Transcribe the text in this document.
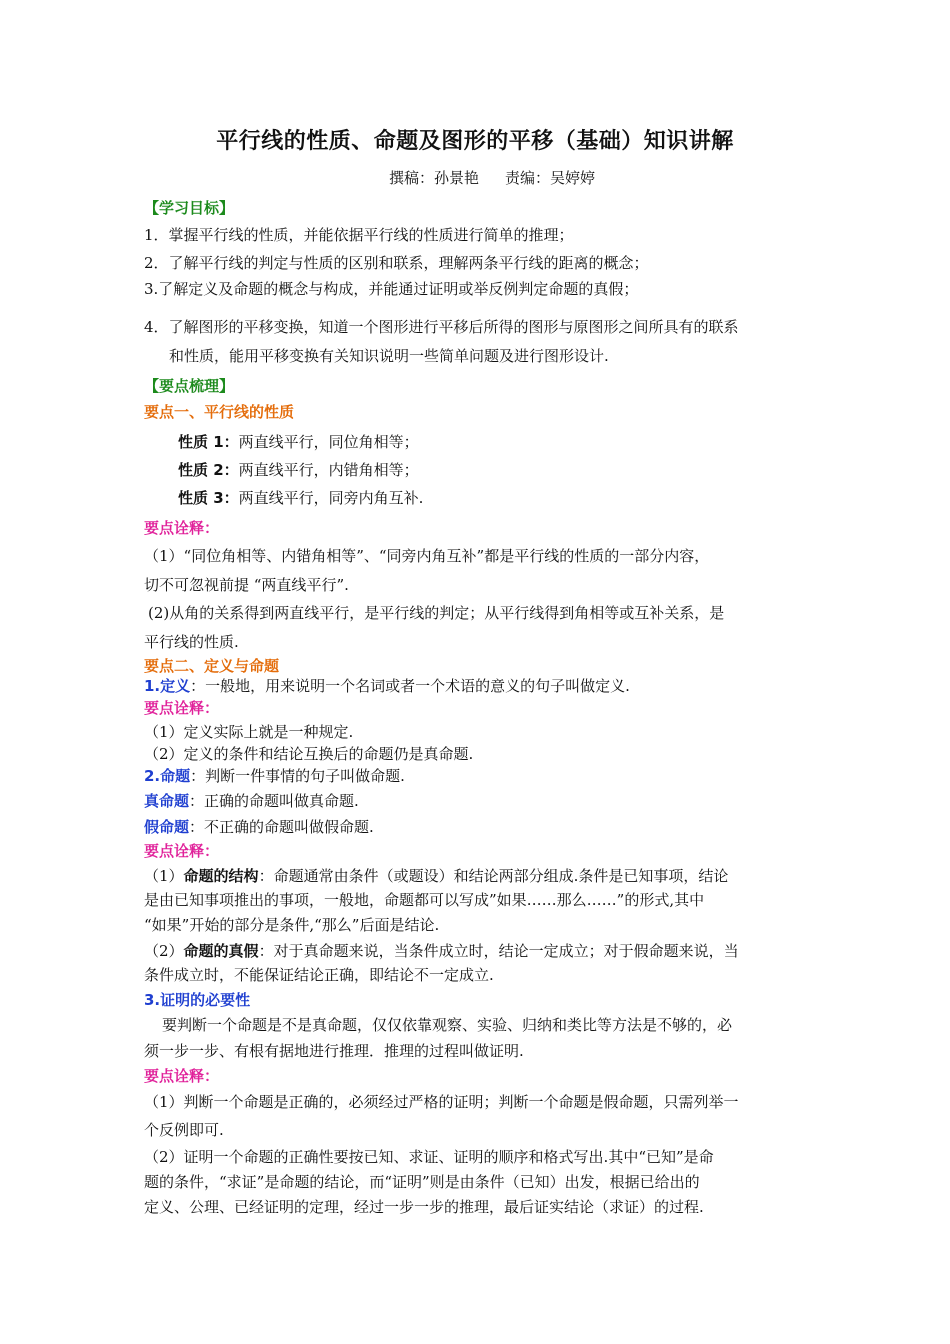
平行线的性质、命题及图形的平移（基础）知识讲解
撰稿：孙景艳 责编：吴婷婷
【学习目标】
1．掌握平行线的性质，并能依据平行线的性质进行简单的推理；
2．了解平行线的判定与性质的区别和联系，理解两条平行线的距离的概念；
3.了解定义及命题的概念与构成，并能通过证明或举反例判定命题的真假；
4．了解图形的平移变换，知道一个图形进行平移后所得的图形与原图形之间所具有的联系
和性质，能用平移变换有关知识说明一些简单问题及进行图形设计.
【要点梳理】
要点一、平行线的性质
性质 1：两直线平行，同位角相等；
性质 2：两直线平行，内错角相等；
性质 3：两直线平行，同旁内角互补.
要点诠释：
（1）“同位角相等、内错角相等”、“同旁内角互补”都是平行线的性质的一部分内容，
切不可忽视前提 “两直线平行”.
(2)从角的关系得到两直线平行，是平行线的判定；从平行线得到角相等或互补关系，是
平行线的性质.
要点二、定义与命题
1.定义：一般地，用来说明一个名词或者一个术语的意义的句子叫做定义.
要点诠释：
（1）定义实际上就是一种规定.
（2）定义的条件和结论互换后的命题仍是真命题.
2.命题：判断一件事情的句子叫做命题.
真命题：正确的命题叫做真命题.
假命题：不正确的命题叫做假命题.
要点诠释：
（1）命题的结构：命题通常由条件（或题设）和结论两部分组成.条件是已知事项，结论
是由已知事项推出的事项，一般地，命题都可以写成”如果……那么……”的形式,其中
“如果”开始的部分是条件,“那么”后面是结论.
（2）命题的真假：对于真命题来说，当条件成立时，结论一定成立；对于假命题来说，当
条件成立时，不能保证结论正确，即结论不一定成立.
3.证明的必要性
要判断一个命题是不是真命题，仅仅依靠观察、实验、归纳和类比等方法是不够的，必
须一步一步、有根有据地进行推理．推理的过程叫做证明.
要点诠释：
（1）判断一个命题是正确的，必须经过严格的证明；判断一个命题是假命题，只需列举一
个反例即可.
（2）证明一个命题的正确性要按已知、求证、证明的顺序和格式写出.其中“已知”是命
题的条件，“求证”是命题的结论，而“证明”则是由条件（已知）出发，根据已给出的
定义、公理、已经证明的定理，经过一步一步的推理，最后证实结论（求证）的过程.
